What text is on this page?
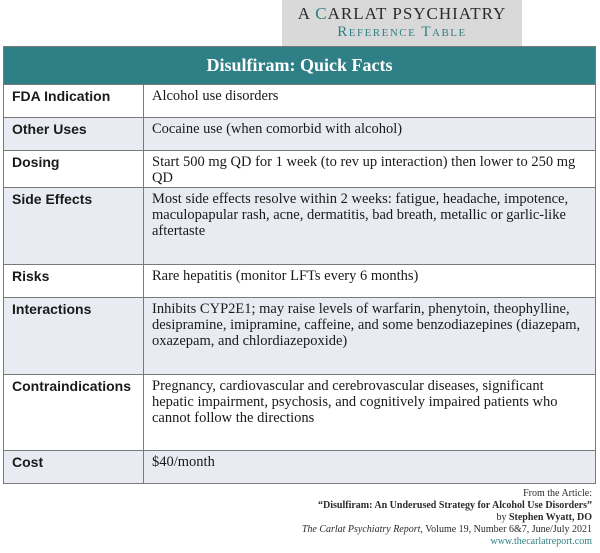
A CARLAT PSYCHIATRY
Reference Table
Disulfiram: Quick Facts
FDA Indication	Alcohol use disorders
Other Uses	Cocaine use (when comorbid with alcohol)
Dosing	Start 500 mg QD for 1 week (to rev up interaction) then lower to 250 mg QD
Side Effects	Most side effects resolve within 2 weeks: fatigue, headache, impotence, maculopapular rash, acne, dermatitis, bad breath, metallic or garlic-like aftertaste
Risks	Rare hepatitis (monitor LFTs every 6 months)
Interactions	Inhibits CYP2E1; may raise levels of warfarin, phenytoin, theophylline, desipramine, imipramine, caffeine, and some benzodiazepines (diazepam, oxazepam, and chlordiazepoxide)
Contraindications	Pregnancy, cardiovascular and cerebrovascular diseases, significant hepatic impairment, psychosis, and cognitively impaired patients who cannot follow the directions
Cost	$40/month
From the Article:
“Disulfiram: An Underused Strategy for Alcohol Use Disorders”
by Stephen Wyatt, DO
The Carlat Psychiatry Report, Volume 19, Number 6&7, June/July 2021
www.thecarlatreport.com
